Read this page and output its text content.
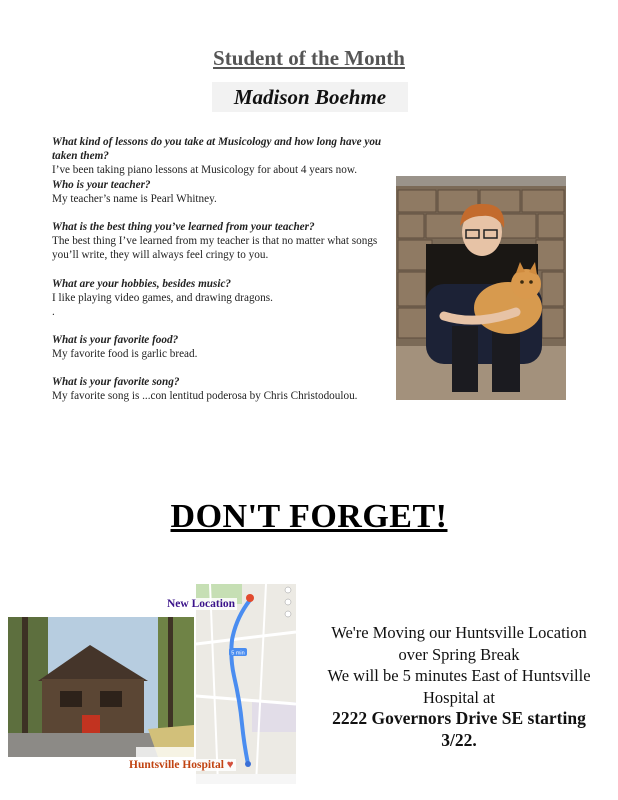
Student of the Month
Madison Boehme
What kind of lessons do you take at Musicology and how long have you taken them?
I’ve been taking piano lessons at Musicology for about 4 years now.
Who is your teacher?
My teacher’s name is Pearl Whitney.
What is the best thing you’ve learned from your teacher?
The best thing I’ve learned from my teacher is that no matter what songs you’ll write, they will always feel cringy to you.
What are your hobbies, besides music?
I like playing video games, and drawing dragons.
.
What is your favorite food?
My favorite food is garlic bread.
What is your favorite song?
My favorite song is ...con lentitud poderosa by Chris Christodoulou.
DON'T FORGET!
5 min
New Location
Huntsville Hospital ♥
We're Moving our Huntsville Location
over Spring Break
We will be 5 minutes East of Huntsville
Hospital at
2222 Governors Drive SE starting
3/22.
